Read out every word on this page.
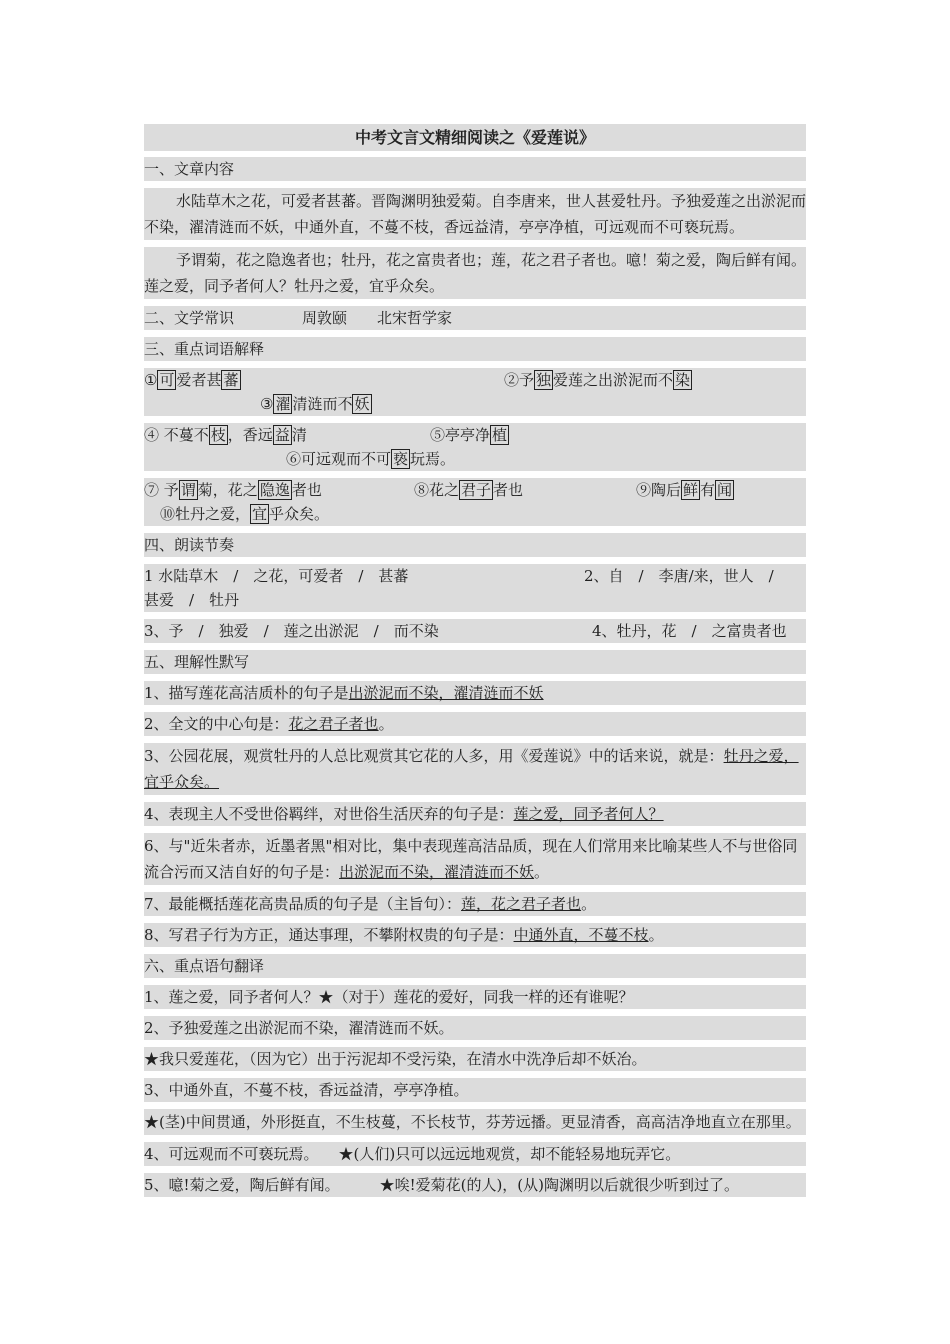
中考文言文精细阅读之《爱莲说》
一、文章内容
水陆草木之花，可爱者甚蕃。晋陶渊明独爱菊。自李唐来，世人甚爱牡丹。予独爱莲之出淤泥而不染，濯清涟而不妖，中通外直，不蔓不枝，香远益清，亭亭净植，可远观而不可亵玩焉。
予谓菊，花之隐逸者也；牡丹，花之富贵者也；莲，花之君子者也。噫！菊之爱，陶后鲜有闻。莲之爱，同予者何人？牡丹之爱，宜乎众矣。
二、文学常识	周敦颐 北宋哲学家
三、重点词语解释
① 可 爱者甚 蕃	②予 独 爱莲之出淤泥而不 染
③ 濯 清涟而不 妖
④ 不蔓不 枝 ，香远 益 清	⑤亭亭净 植
⑥可远观而不可 亵 玩焉。
⑦ 予 谓 菊，花之 隐逸 者也	⑧花之 君子 者也	⑨陶后 鲜 有 闻
⑩牡丹之爱， 宜 乎众矣。
四、朗读节奏
1 水陆草木　/　之花，可爱者　/　甚蕃	2、自　/　李唐/来，世人　/
甚爱　/　牡丹
3、予　/　独爱　/　莲之出淤泥　/　而不染	4、牡丹，花　/　之富贵者也
五、理解性默写
1、描写莲花高洁质朴的句子是出淤泥而不染，濯清涟而不妖
2、全文的中心句是：花之君子者也。
3、公园花展，观赏牡丹的人总比观赏其它花的人多，用《爱莲说》中的话来说，就是：牡丹之爱，宜乎众矣。
4、表现主人不受世俗羁绊，对世俗生活厌弃的句子是：莲之爱，同予者何人？
6、与"近朱者赤，近墨者黑"相对比，集中表现莲高洁品质，现在人们常用来比喻某些人不与世俗同流合污而又洁自好的句子是：出淤泥而不染，濯清涟而不妖。
7、最能概括莲花高贵品质的句子是（主旨句）：莲，花之君子者也。
8、写君子行为方正，通达事理，不攀附权贵的句子是：中通外直，不蔓不枝。
六、重点语句翻译
1、莲之爱，同予者何人？★（对于）莲花的爱好，同我一样的还有谁呢？
2、予独爱莲之出淤泥而不染，濯清涟而不妖。
★我只爱莲花，（因为它）出于污泥却不受污染，在清水中洗净后却不妖冶。
3、中通外直，不蔓不枝，香远益清，亭亭净植。
★(茎)中间贯通，外形挺直，不生枝蔓，不长枝节，芬芳远播。更显清香，高高洁净地直立在那里。
4、可远观而不可亵玩焉。 ★(人们)只可以远远地观赏，却不能轻易地玩弄它。
5、噫!菊之爱，陶后鲜有闻。	★唉!爱菊花(的人)，(从)陶渊明以后就很少听到过了。
